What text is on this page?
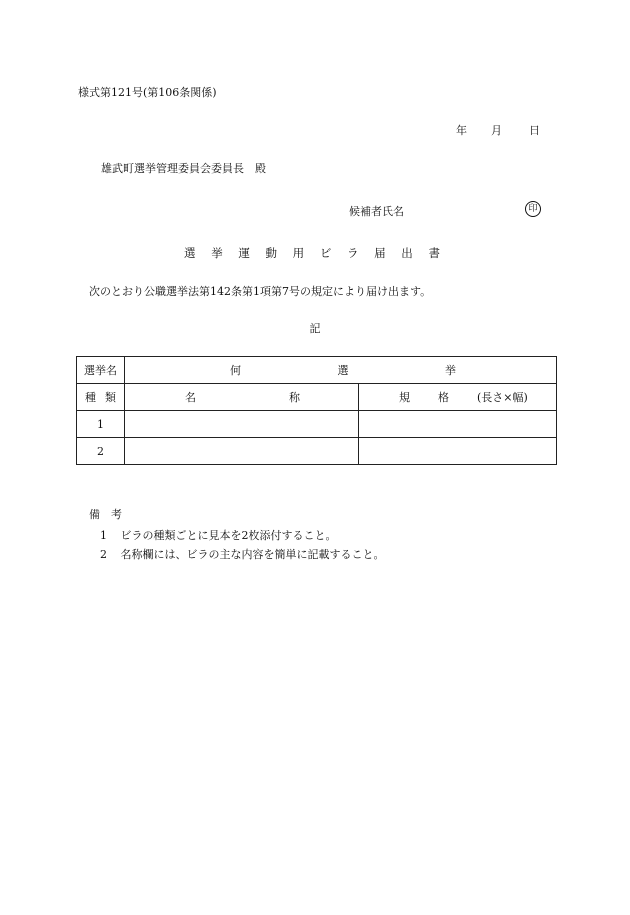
様式第121号(第106条関係)
年 月 日
雄武町選挙管理委員会委員長　殿
候補者氏名	印
選 挙 運 動 用 ビ ラ 届 出 書
次のとおり公職選挙法第142条第1項第7号の規定により届け出ます。
記
選挙名	何 選 挙	

種 類	名 称	規 格 (長さ×幅)

1		
2		
備　考
1 ビラの種類ごとに見本を2枚添付すること。
2 名称欄には、ビラの主な内容を簡単に記載すること。
